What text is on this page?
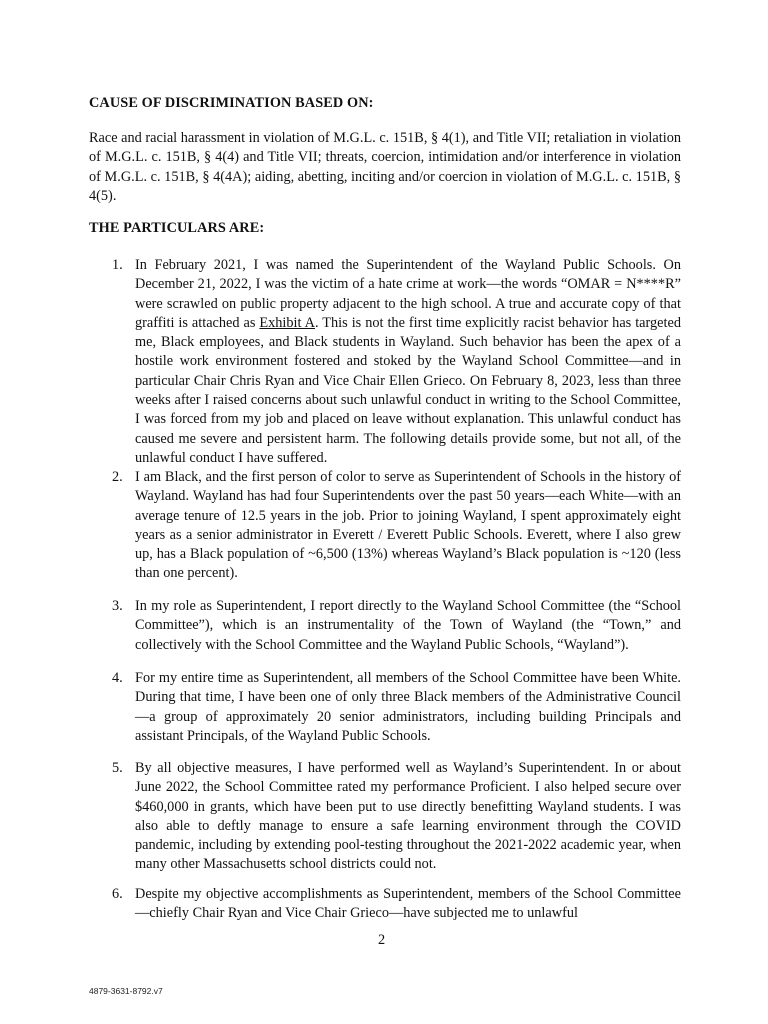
CAUSE OF DISCRIMINATION BASED ON:

Race and racial harassment in violation of M.G.L. c. 151B, § 4(1), and Title VII; retaliation in violation of M.G.L. c. 151B, § 4(4) and Title VII; threats, coercion, intimidation and/or interference in violation of M.G.L. c. 151B, § 4(4A); aiding, abetting, inciting and/or coercion in violation of M.G.L. c. 151B, § 4(5).

THE PARTICULARS ARE:
1. In February 2021, I was named the Superintendent of the Wayland Public Schools. On December 21, 2022, I was the victim of a hate crime at work—the words “OMAR = N****R” were scrawled on public property adjacent to the high school. A true and accurate copy of that graffiti is attached as Exhibit A. This is not the first time explicitly racist behavior has targeted me, Black employees, and Black students in Wayland. Such behavior has been the apex of a hostile work environment fostered and stoked by the Wayland School Committee—and in particular Chair Chris Ryan and Vice Chair Ellen Grieco. On February 8, 2023, less than three weeks after I raised concerns about such unlawful conduct in writing to the School Committee, I was forced from my job and placed on leave without explanation. This unlawful conduct has caused me severe and persistent harm. The following details provide some, but not all, of the unlawful conduct I have suffered.
2. I am Black, and the first person of color to serve as Superintendent of Schools in the history of Wayland. Wayland has had four Superintendents over the past 50 years—each White—with an average tenure of 12.5 years in the job. Prior to joining Wayland, I spent approximately eight years as a senior administrator in Everett / Everett Public Schools. Everett, where I also grew up, has a Black population of ~6,500 (13%) whereas Wayland’s Black population is ~120 (less than one percent).
3. In my role as Superintendent, I report directly to the Wayland School Committee (the “School Committee”), which is an instrumentality of the Town of Wayland (the “Town,” and collectively with the School Committee and the Wayland Public Schools, “Wayland”).
4. For my entire time as Superintendent, all members of the School Committee have been White. During that time, I have been one of only three Black members of the Administrative Council—a group of approximately 20 senior administrators, including building Principals and assistant Principals, of the Wayland Public Schools.
5. By all objective measures, I have performed well as Wayland’s Superintendent. In or about June 2022, the School Committee rated my performance Proficient. I also helped secure over $460,000 in grants, which have been put to use directly benefitting Wayland students. I was also able to deftly manage to ensure a safe learning environment through the COVID pandemic, including by extending pool-testing throughout the 2021-2022 academic year, when many other Massachusetts school districts could not.
6. Despite my objective accomplishments as Superintendent, members of the School Committee—chiefly Chair Ryan and Vice Chair Grieco—have subjected me to unlawful
2
4879-3631-8792.v7
